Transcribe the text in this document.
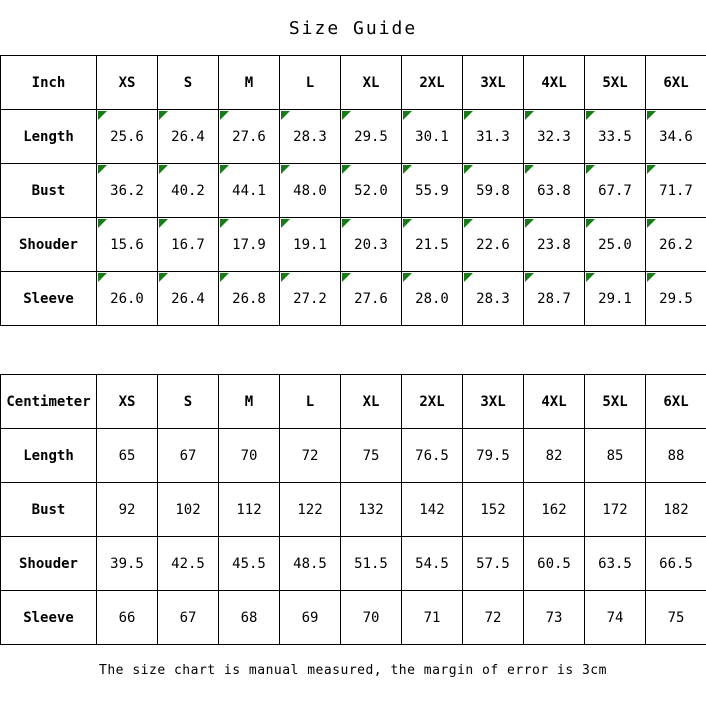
Size Guide
Inch	XS	S	M	L	XL	2XL	3XL	4XL	5XL	6XL
Length	25.6	26.4	27.6	28.3	29.5	30.1	31.3	32.3	33.5	34.6
Bust	36.2	40.2	44.1	48.0	52.0	55.9	59.8	63.8	67.7	71.7
Shouder	15.6	16.7	17.9	19.1	20.3	21.5	22.6	23.8	25.0	26.2
Sleeve	26.0	26.4	26.8	27.2	27.6	28.0	28.3	28.7	29.1	29.5
Centimeter	XS	S	M	L	XL	2XL	3XL	4XL	5XL	6XL
Length	65	67	70	72	75	76.5	79.5	82	85	88
Bust	92	102	112	122	132	142	152	162	172	182
Shouder	39.5	42.5	45.5	48.5	51.5	54.5	57.5	60.5	63.5	66.5
Sleeve	66	67	68	69	70	71	72	73	74	75
The size chart is manual measured, the margin of error is 3cm
